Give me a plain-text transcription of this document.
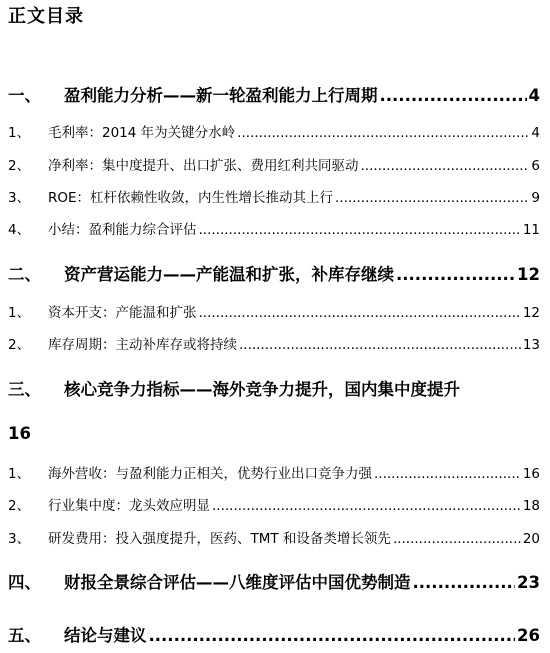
正文目录
一、	盈利能力分析——新一轮盈利能力上行周期 .....	4
1、	毛利率：2014 年为关键分水岭 .....	4
2、	净利率：集中度提升、出口扩张、费用红利共同驱动 .....	6
3、	ROE：杠杆依赖性收敛，内生性增长推动其上行 .....	9
4、	小结：盈利能力综合评估 .....	11
二、	资产营运能力——产能温和扩张，补库存继续 .....	12
1、	资本开支：产能温和扩张 .....	12
2、	库存周期：主动补库存或将持续 .....	13
三、 核心竞争力指标——海外竞争力提升，国内集中度提升
16
1、	海外营收：与盈利能力正相关，优势行业出口竞争力强 .....	16
2、	行业集中度：龙头效应明显 .....	18
3、	研发费用：投入强度提升，医药、TMT 和设备类增长领先 .....	20
四、	财报全景综合评估——八维度评估中国优势制造 .....	23
五、	结论与建议 .....	26
